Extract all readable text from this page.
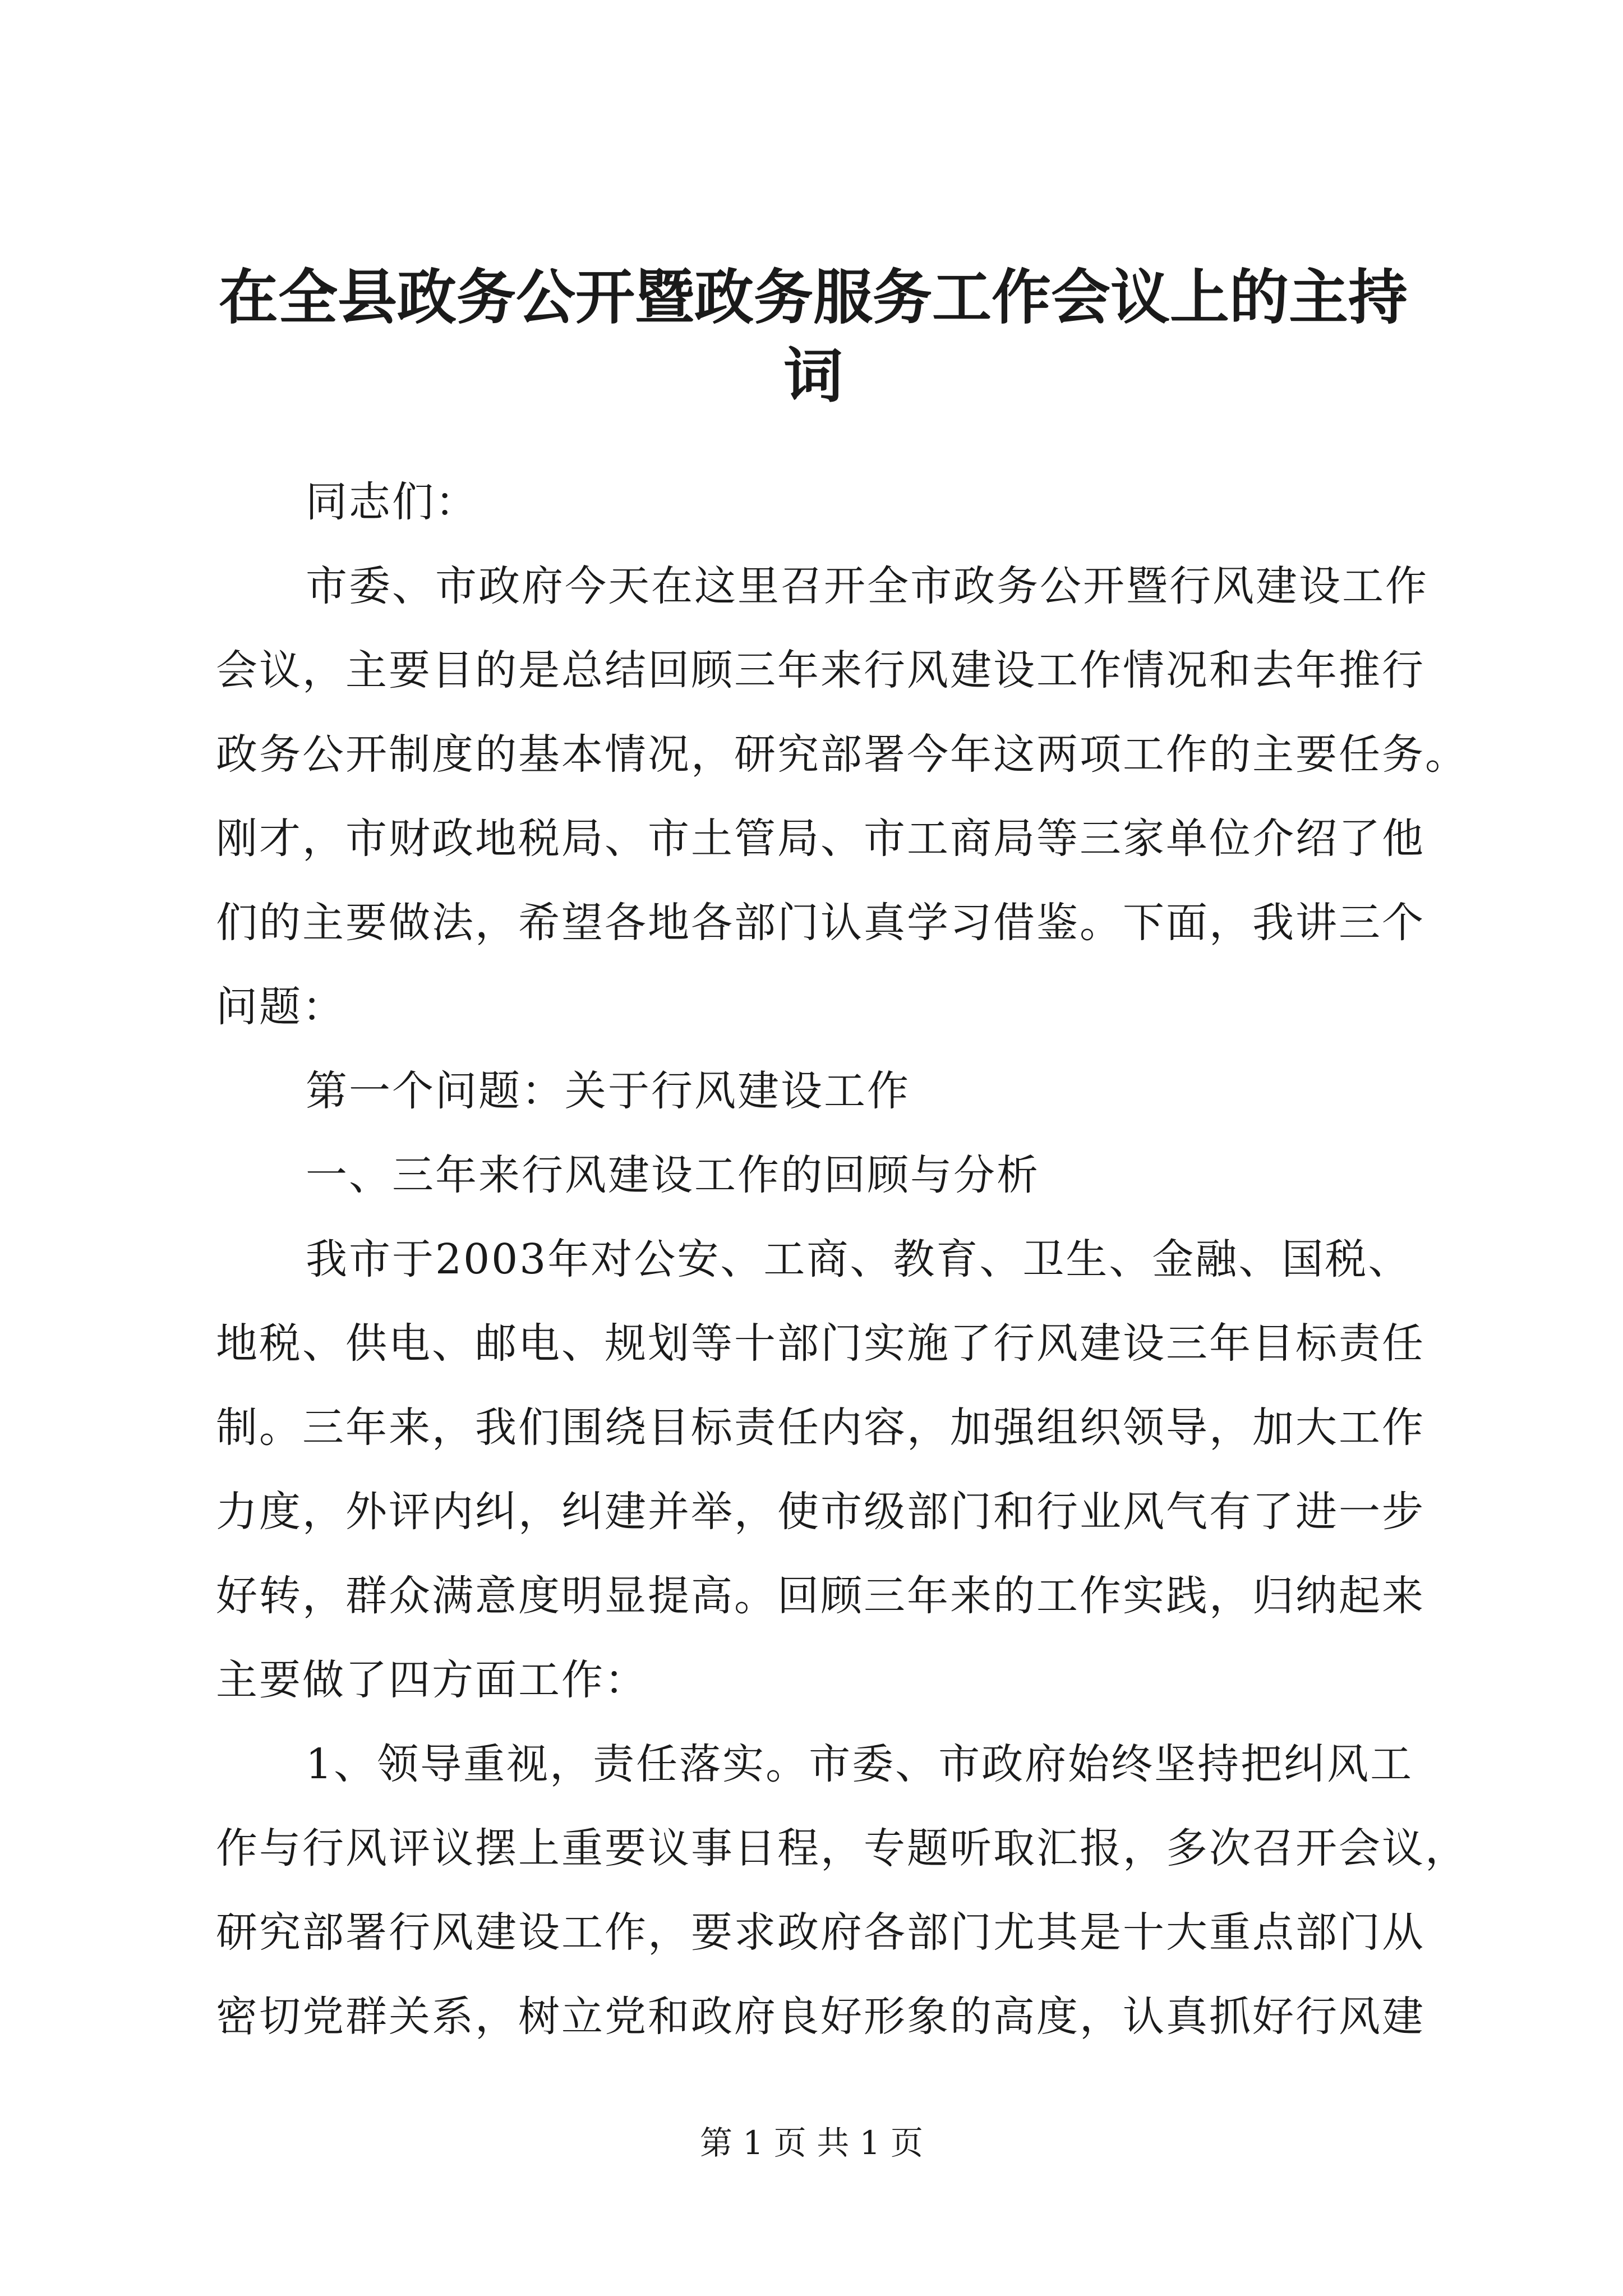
在全县政务公开暨政务服务工作会议上的主持
词
同志们：
市委、市政府今天在这里召开全市政务公开暨行风建设工作
会议，主要目的是总结回顾三年来行风建设工作情况和去年推行
政务公开制度的基本情况，研究部署今年这两项工作的主要任务。
刚才，市财政地税局、市土管局、市工商局等三家单位介绍了他
们的主要做法，希望各地各部门认真学习借鉴。下面，我讲三个
问题：
第一个问题：关于行风建设工作
一、三年来行风建设工作的回顾与分析
我市于2003年对公安、工商、教育、卫生、金融、国税、
地税、供电、邮电、规划等十部门实施了行风建设三年目标责任
制。三年来，我们围绕目标责任内容，加强组织领导，加大工作
力度，外评内纠，纠建并举，使市级部门和行业风气有了进一步
好转，群众满意度明显提高。回顾三年来的工作实践，归纳起来
主要做了四方面工作：
1、领导重视，责任落实。市委、市政府始终坚持把纠风工
作与行风评议摆上重要议事日程，专题听取汇报，多次召开会议，
研究部署行风建设工作，要求政府各部门尤其是十大重点部门从
密切党群关系，树立党和政府良好形象的高度，认真抓好行风建
第 1 页 共 1 页
